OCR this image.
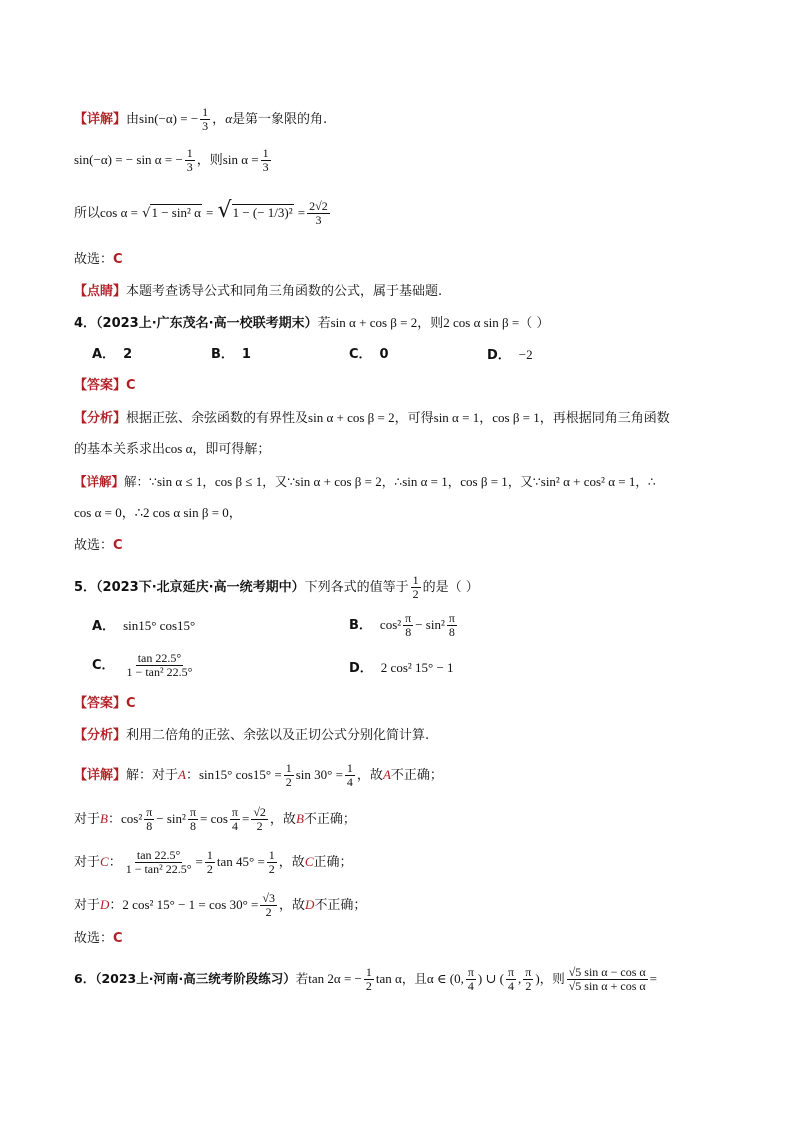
【详解】由sin(−α) = − $\frac{1}{3}$ ，α是第一象限的角.
sin(−α) = − sin α = − $\frac{1}{3}$ ，则$\sin \alpha = \frac{1}{3}$
所以cos α = √1 − sin² α = √1 − (− $1/3)^2 = \frac{2√2}{3}$
故选：C
【点睛】本题考查诱导公式和同角三角函数的公式，属于基础题.
4．（2023上·广东茂名·高一校联考期末）若sin α + cos β = 2，则2 cos α sin β =（ ）
A． 2	B． 1	C． 0	D． −2
【答案】C
【分析】根据正弦、余弦函数的有界性及sin α + cos β = 2，可得sin α = 1，cos β = 1，再根据同角三角函数
的基本关系求出cos α，即可得解；
【详解】解：∵sin α ≤ 1，cos β ≤ 1，又∵sin α + cos β = 2，∴sin α = 1，cos β = 1，又∵sin² α + cos² α = 1，∴
cos α = 0，∴2 cos α sin β = 0，
故选：C
5．（2023下·北京延庆·高一统考期中）下列各式的值等于 $\frac{1}{2}$ 的是（ ）
A． sin15° cos15°	B． $\cos^2 \frac{\pi}{8} - \sin^2 \frac{\pi}{8}$
C． $\frac{\tan 22.5^\circ}{\text{1 − tan² 22.5°}}$	D． 2 cos² 15° − 1
【答案】C
【分析】利用二倍角的正弦、余弦以及正切公式分别化简计算.
【详解】解：对于A：sin15° $\cos 15^\circ = \frac{1}{2}$ $\sin 30^\circ = \frac{1}{4}$ ，故A不正确；
对于B：$\cos^2 \frac{\pi}{8} - \sin^2 \frac{\pi}{8} = \cos \frac{\pi}{4} = \frac{√2}{2}$ ，故B不正确；
对于C： $\frac{\tan 22.5^\circ}{\text{1 − tan² 22.5°}} = \frac{1}{2}$ $\tan 45^\circ = \frac{1}{2}$ ，故C正确；
对于D：2 cos² $15^\circ - 1 = \cos 30^\circ = \frac{√3}{2}$ ，故D不正确；
故选：C
6．（2023上·河南·高三统考阶段练习）若tan 2α = − $\frac{1}{2}$ tan α，且α ∈ (0, $\frac{\pi}{4}$ ) ∪ ( $\frac{\pi}{4}$ , $\frac{\pi}{2}$ )，则 $\frac{\text{√5 sin α − cos α}}{\text{√5 sin α + cos α}}$ =
